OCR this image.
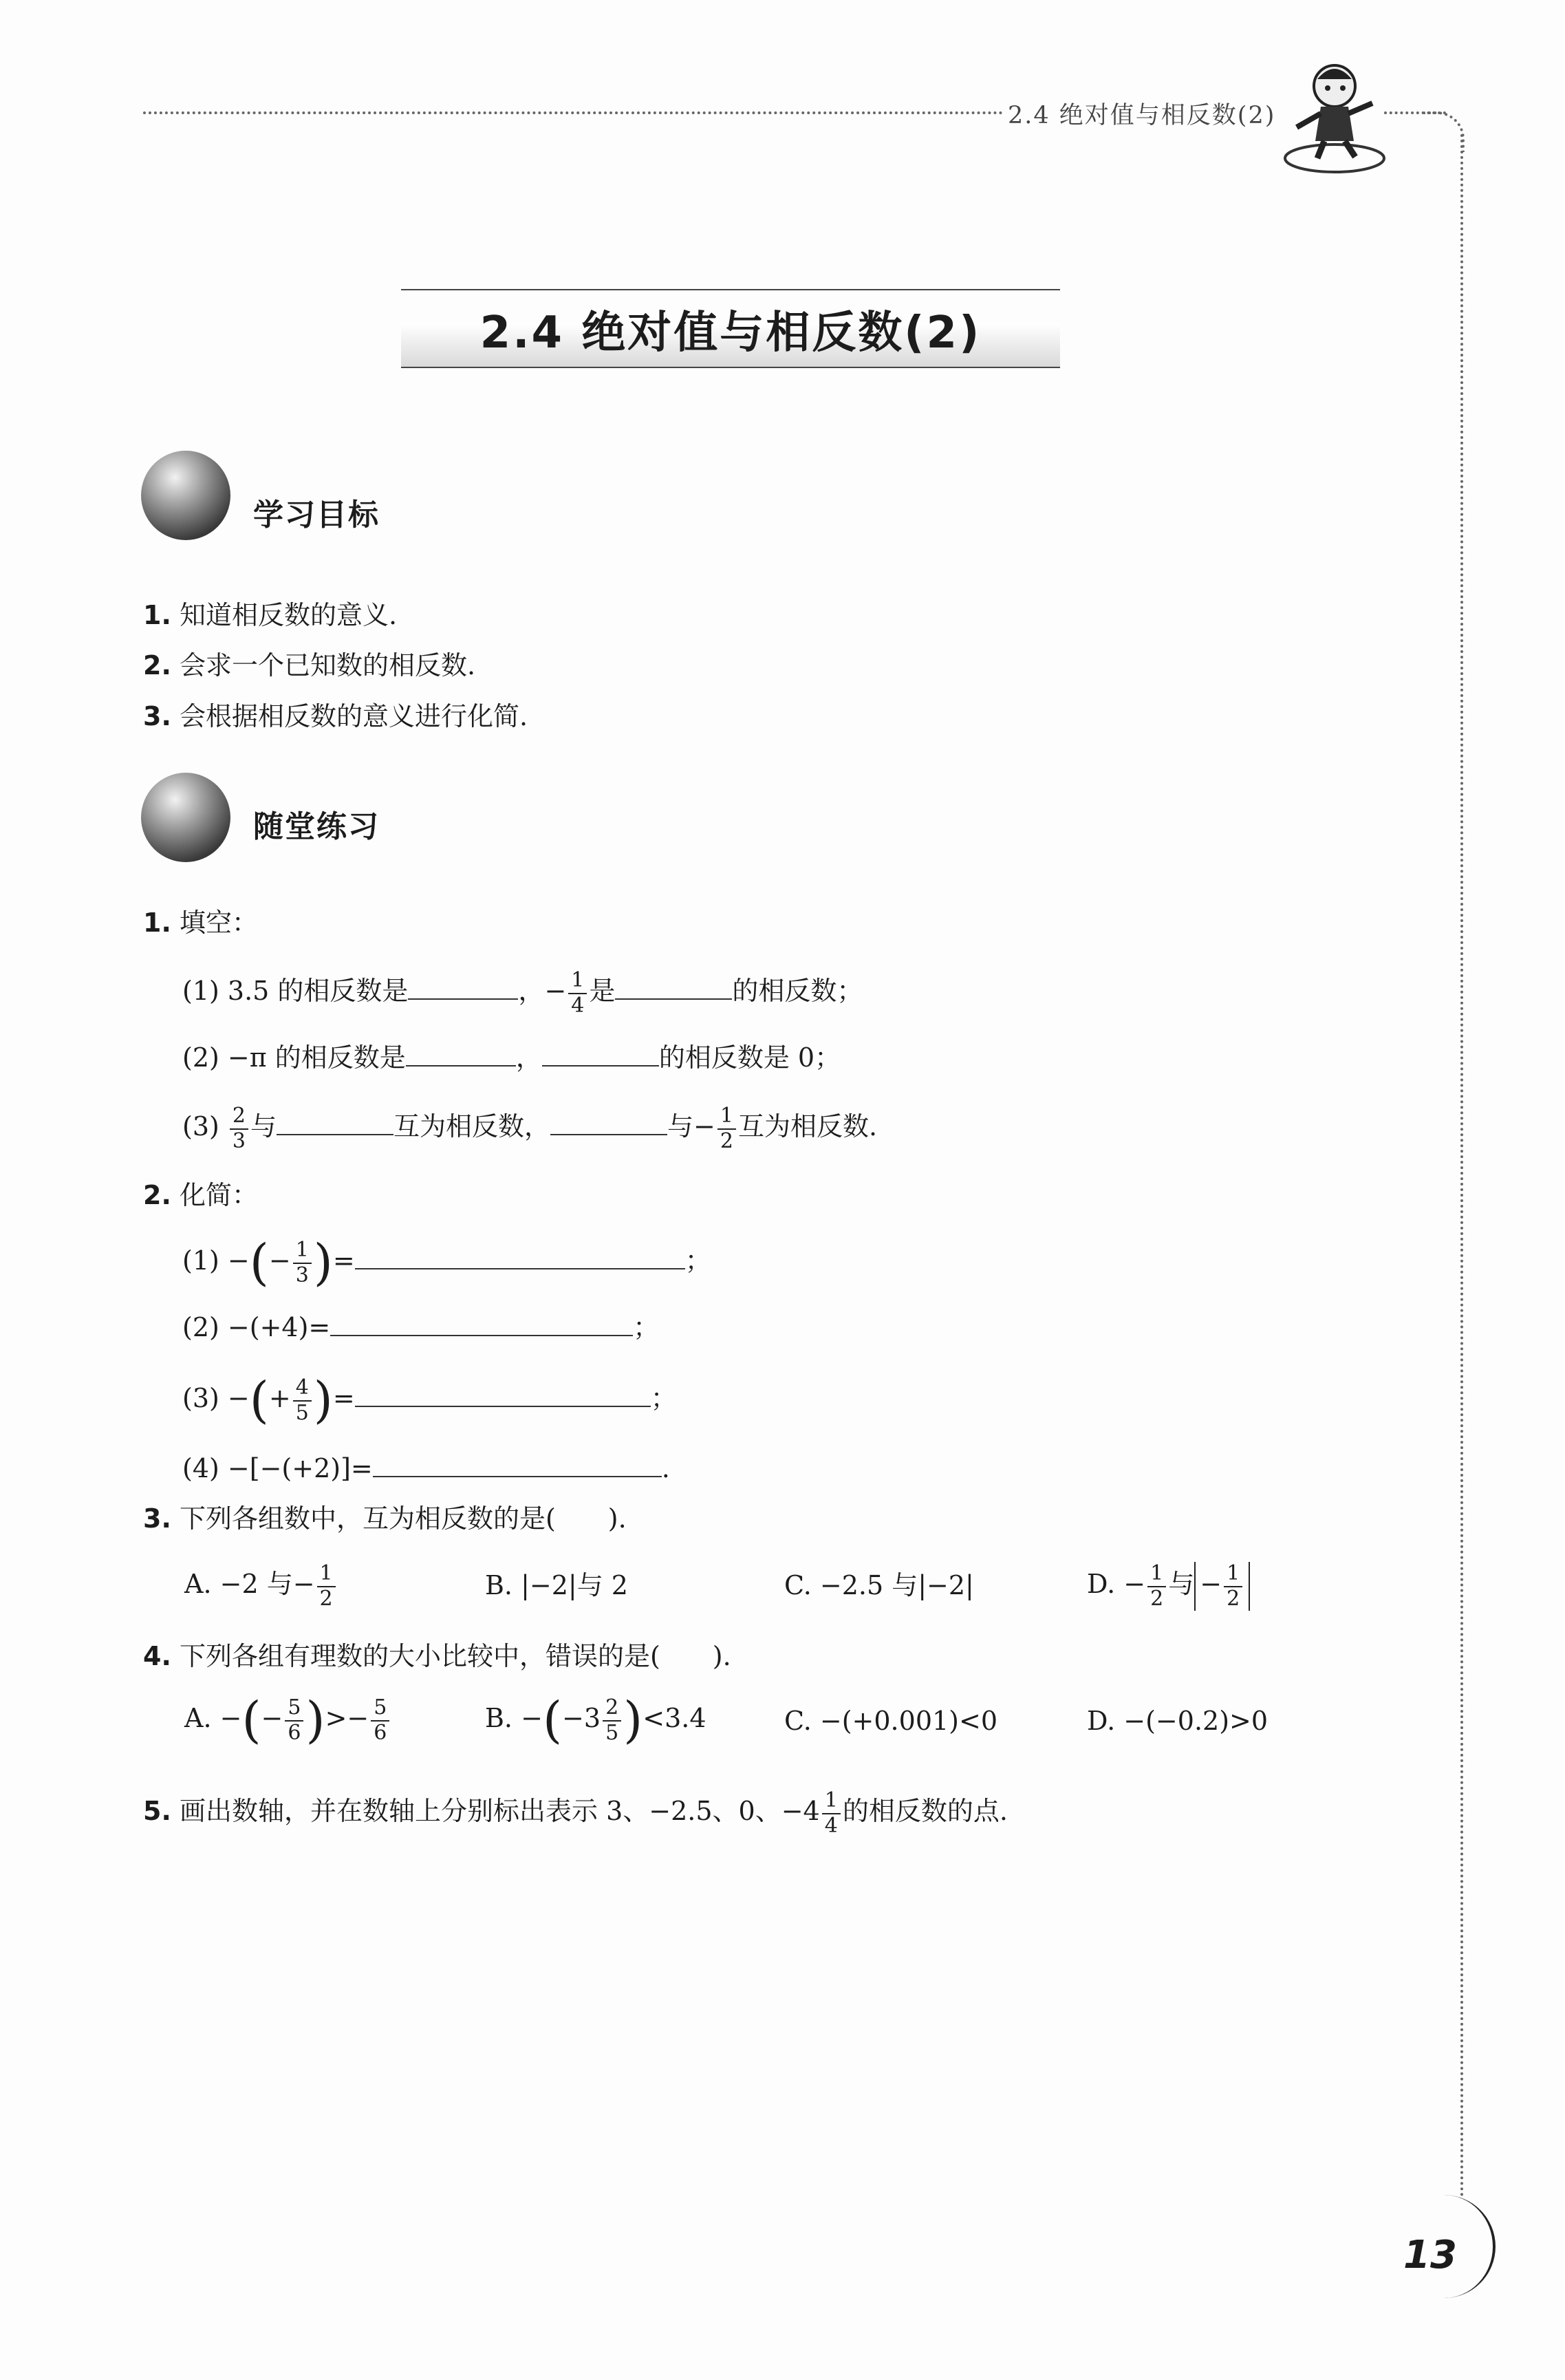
2.4 绝对值与相反数(2)
2.4 绝对值与相反数(2)
学习目标
1. 知道相反数的意义.
2. 会求一个已知数的相反数.
3. 会根据相反数的意义进行化简.
随堂练习
1. 填空：
(1) 3.5 的相反数是	，− $\frac{1}{4}$ 是	的相反数；
(2) −π 的相反数是	，	的相反数是 0；
$(3) \frac{2}{3}$ 与	互为相反数，	与− $\frac{1}{2}$ 互为相反数.
2. 化简：
(1) −(− $\frac{1}{3}$ )=	；
(2) −(+4)=	；
(3) −(+ $\frac{4}{5}$ )=	；
(4) −[−(+2)]=	.
3. 下列各组数中，互为相反数的是(　　).
A. −2 与− $\frac{1}{2}$	B. |−2|与 2	C. −2.5 与|−2|	D. − $\frac{1}{2}$ 与 − $\frac{1}{2}$
4. 下列各组有理数的大小比较中，错误的是(　　).
A. −(− $\frac{5}{6}$ )>− $\frac{5}{6}$	B. $-(-3 \frac{2}{5} )<3.4$	C. −(+0.001)<0	D. −(−0.2)>0
5. 画出数轴，并在数轴上分别标出表示 3、−2.5、0、$-4 \frac{1}{4}$ 的相反数的点.
13
